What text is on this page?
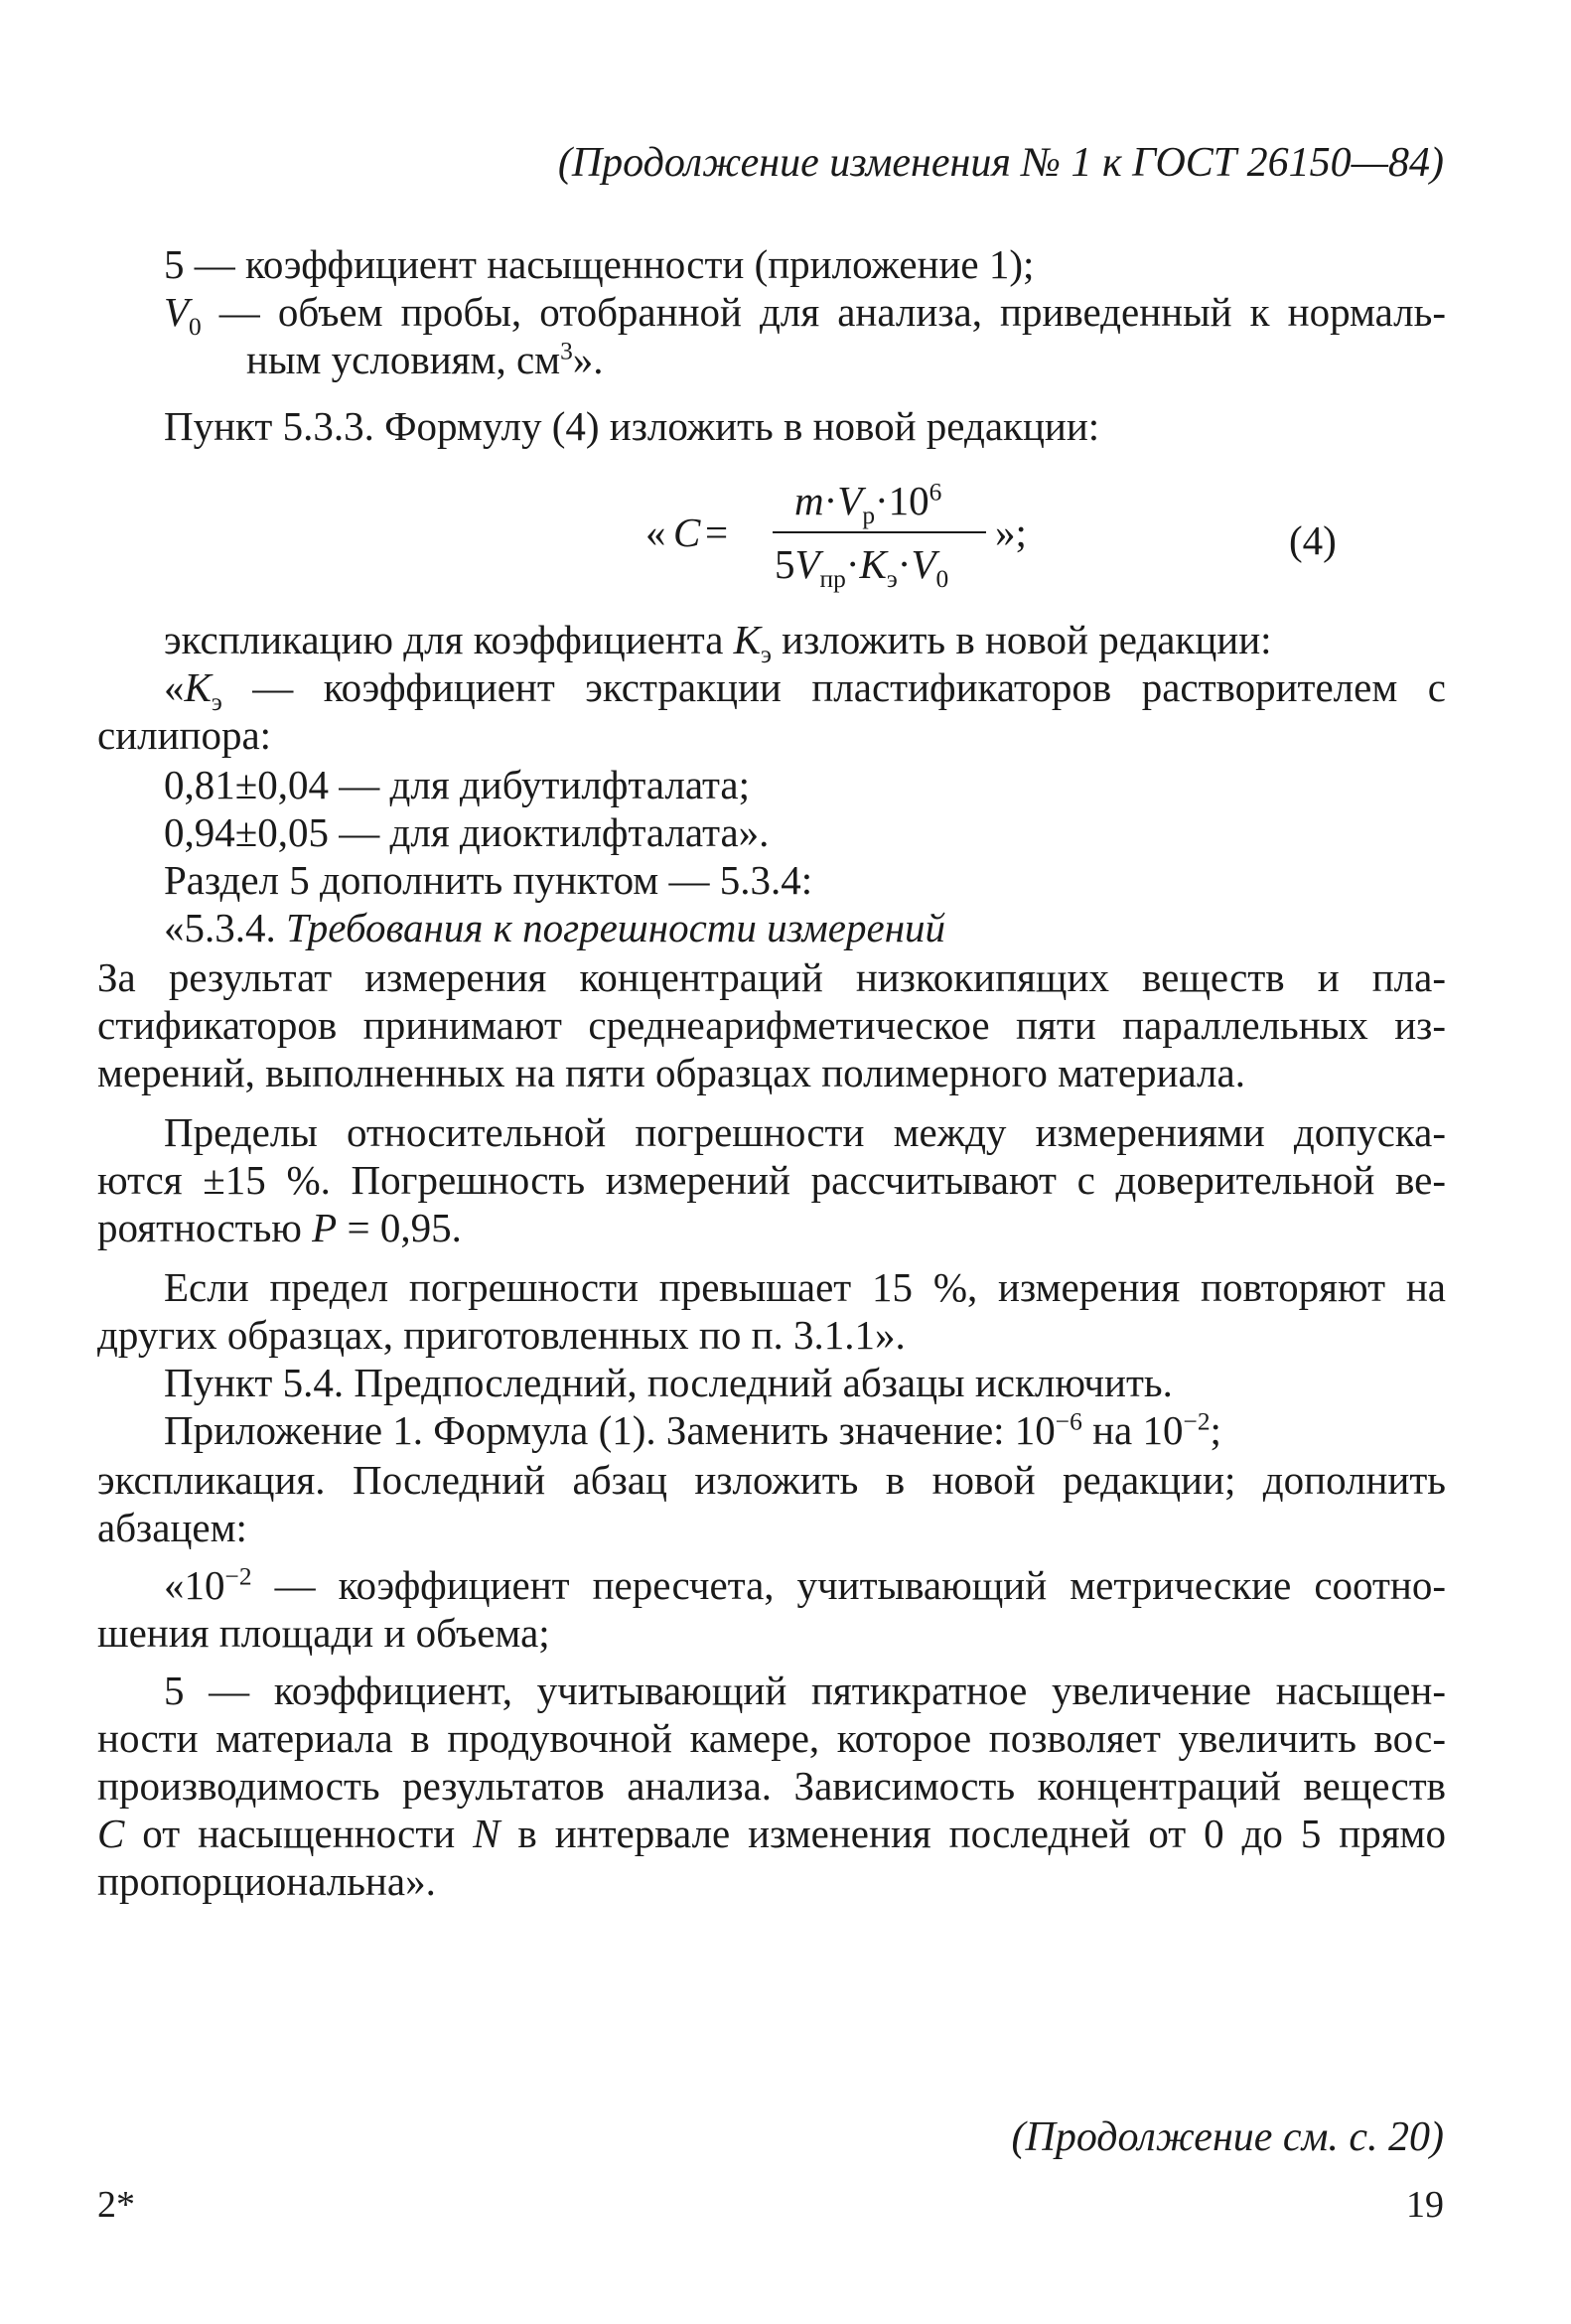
(Продолжение изменения № 1 к ГОСТ 26150—84)
5 — коэффициент насыщенности (приложение 1);
$V_0$ — объем пробы, отобранной для анализа, приведенный к нормаль-
ным условиям, $см^3$».
Пункт 5.3.3. Формулу (4) изложить в новой редакции:
« C =
$m\cdot V_р\cdot 10^6$
$5V_{пр}\cdot K_э\cdot V_0$
»;	(4)
экспликацию для коэффициента $K_э$ изложить в новой редакции:
«$K_э$ — коэффициент экстракции пластификаторов растворителем с
силипора:
0,81±0,04 — для дибутилфталата;
0,94±0,05 — для диоктилфталата».
Раздел 5 дополнить пунктом — 5.3.4:
«5.3.4. Требования к погрешности измерений
За результат измерения концентраций низкокипящих веществ и пла-
стификаторов принимают среднеарифметическое пяти параллельных из-
мерений, выполненных на пяти образцах полимерного материала.
Пределы относительной погрешности между измерениями допуска-
ются ±15 %. Погрешность измерений рассчитывают с доверительной ве-
роятностью P = 0,95.
Если предел погрешности превышает 15 %, измерения повторяют на
других образцах, приготовленных по п. 3.1.1».
Пункт 5.4. Предпоследний, последний абзацы исключить.
Приложение 1. Формула (1). Заменить значение: $10^{-6}$ на $10^{-2}$;
экспликация. Последний абзац изложить в новой редакции; дополнить
абзацем:
«$10^{-2}$ — коэффициент пересчета, учитывающий метрические соотно-
шения площади и объема;
5 — коэффициент, учитывающий пятикратное увеличение насыщен-
ности материала в продувочной камере, которое позволяет увеличить вос-
производимость результатов анализа. Зависимость концентраций веществ
C от насыщенности N в интервале изменения последней от 0 до 5 прямо
пропорциональна».
(Продолжение см. с. 20)
2*	19
